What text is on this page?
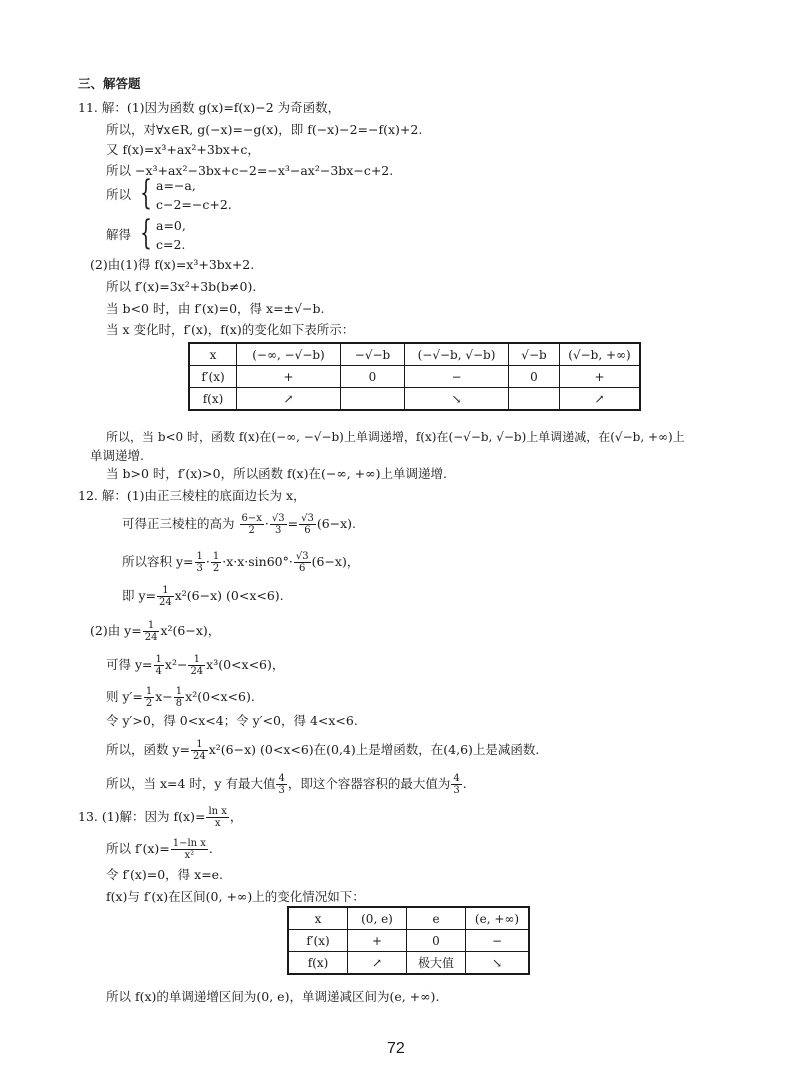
三、解答题
11. 解：(1)因为函数 g(x)=f(x)−2 为奇函数，
所以，对∀x∈R, g(−x)=−g(x)，即 f(−x)−2=−f(x)+2.
又 f(x)=x³+ax²+3bx+c，
所以 −x³+ax²−3bx+c−2=−x³−ax²−3bx−c+2.
所以 { a=−a,
c−2=−c+2.
解得 { a=0,
c=2.
(2)由(1)得 f(x)=x³+3bx+2.
所以 f′(x)=3x²+3b(b≠0).
当 b<0 时，由 f′(x)=0，得 x=±√−b.
当 x 变化时，f′(x)，f(x)的变化如下表所示：
x	(−∞, −√−b)	−√−b	(−√−b, √−b)	√−b	(√−b, +∞)
f′(x)	+	0	−	0	+
f(x)	↗		↘		↗
所以，当 b<0 时，函数 f(x)在(−∞, −√−b)上单调递增，f(x)在(−√−b, √−b)上单调递减，在(√−b, +∞)上
单调递增.
当 b>0 时，f′(x)>0，所以函数 f(x)在(−∞, +∞)上单调递增.
12. 解：(1)由正三棱柱的底面边长为 x，
可得正三棱柱的高为 $\frac{6-x}{2} \cdot \frac{√3}{3} = \frac{√3}{6} (6-x)$.
所以容积 $y= \frac{1}{3} \cdot \frac{1}{2} \cdot x\cdot x\cdot\sin 60^\circ\cdot \frac{√3}{6} (6-x)$，
即 $y= \frac{1}{24} x^2(6-x)$ (0<x<6).
(2)由 $y= \frac{1}{24} x^2(6-x)$，
可得 $y= \frac{1}{4} x^2- \frac{1}{24} x^3(0<x<6)$，
则 $y'= \frac{1}{2} x- \frac{1}{8} x^2(0<x<6)$.
令 y′>0，得 0<x<4；令 y′<0，得 4<x<6.
所以，函数 $y= \frac{1}{24} x^2(6-x)$ (0<x<6)在(0,4)上是增函数，在(4,6)上是减函数.
所以，当 x=4 时，y 有最大值 $\frac{4}{3}$ ，即这个容器容积的最大值为 $\frac{4}{3}$ .
13. (1)解：因为 $f(x)= \frac{\text{ln x}}{x}$ ，
所以 $f'(x)= \frac{\text{1−ln x}}{\text{x²}}$ .
令 f′(x)=0，得 x=e.
f(x)与 f′(x)在区间(0, +∞)上的变化情况如下：
x	(0, e)	e	(e, +∞)
f′(x)	+	0	−
f(x)	↗	极大值	↘
所以 f(x)的单调递增区间为(0, e)，单调递减区间为(e, +∞).
72
